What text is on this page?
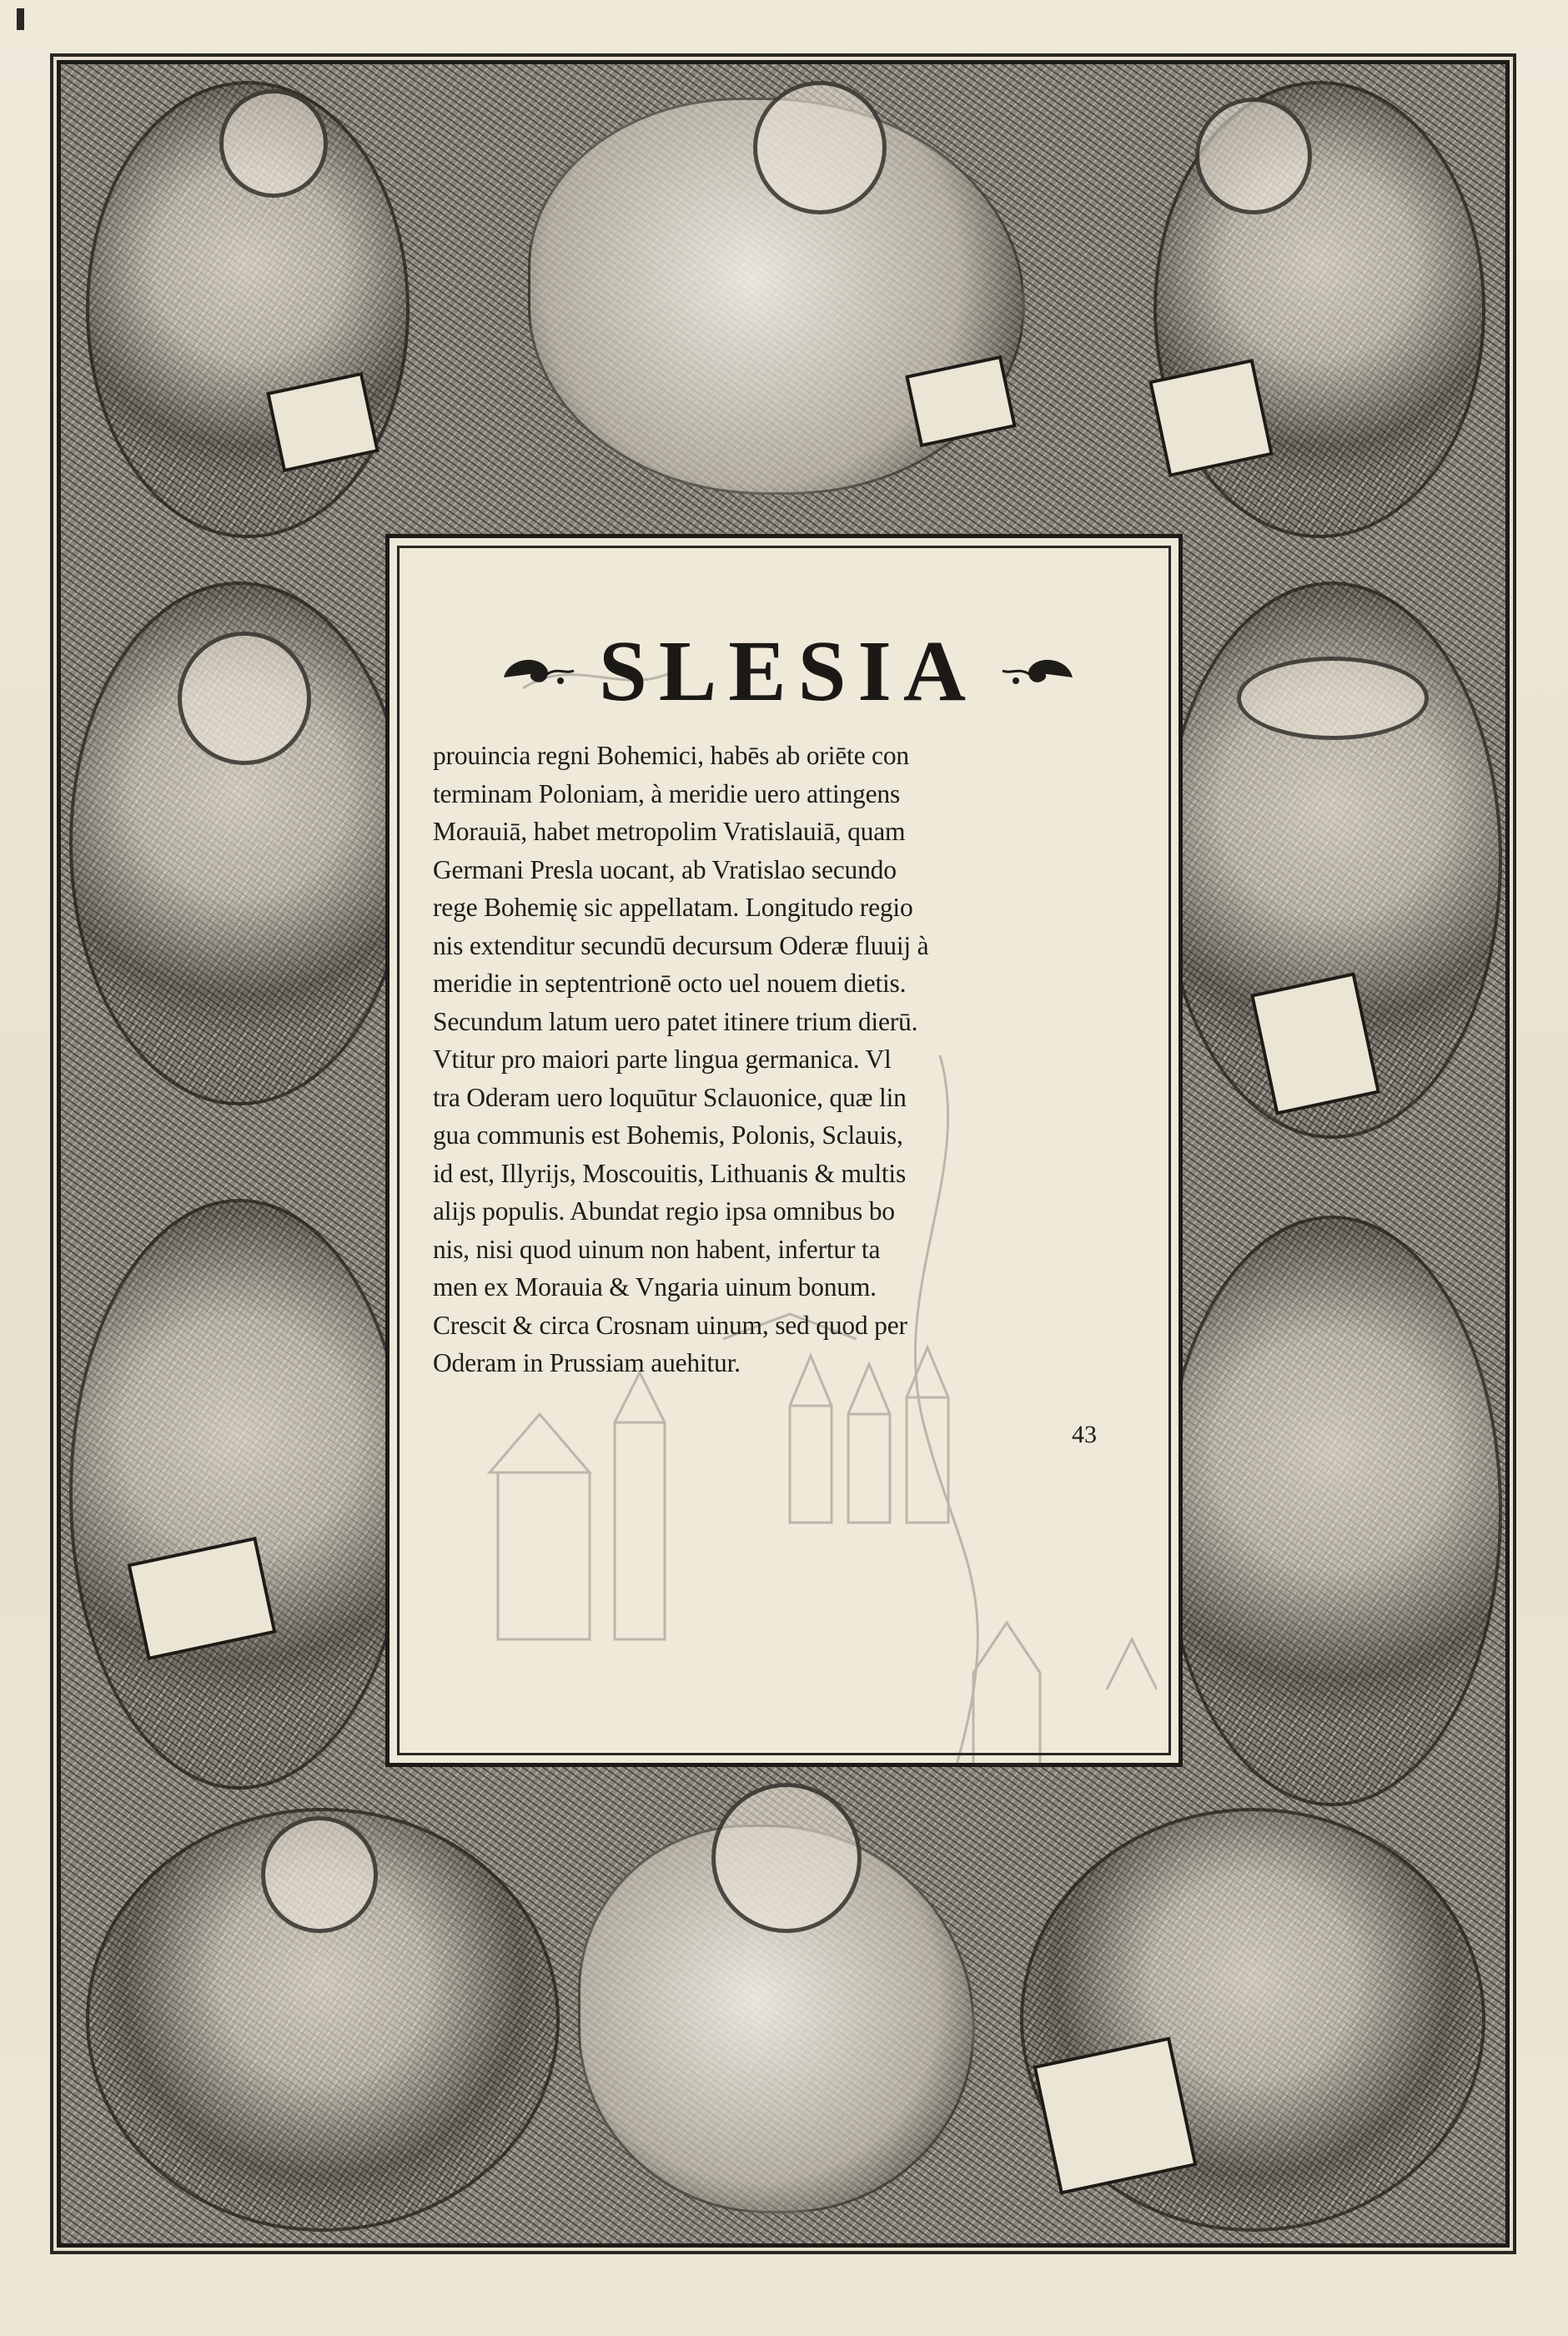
SLESIA
prouincia regni Bohemici, habēs ab oriēte con
terminam Poloniam, à meridie uero attingens
Morauiā, habet metropolim Vratislauiā, quam
Germani Presla uocant, ab Vratislao secundo
rege Bohemię sic appellatam. Longitudo regio
nis extenditur secundū decursum Oderæ fluuij à
meridie in septentrionē octo uel nouem dietis.
Secundum latum uero patet itinere trium dierū.
Vtitur pro maiori parte lingua germanica. Vl
tra Oderam uero loquūtur Sclauonice, quæ lin
gua communis est Bohemis, Polonis, Sclauis,
id est, Illyrijs, Moscouitis, Lithuanis & multis
alijs populis. Abundat regio ipsa omnibus bo
nis, nisi quod uinum non habent, infertur ta
men ex Morauia & Vngaria uinum bonum.
Crescit & circa Crosnam uinum, sed quod per
Oderam in Prussiam auehitur.
43
